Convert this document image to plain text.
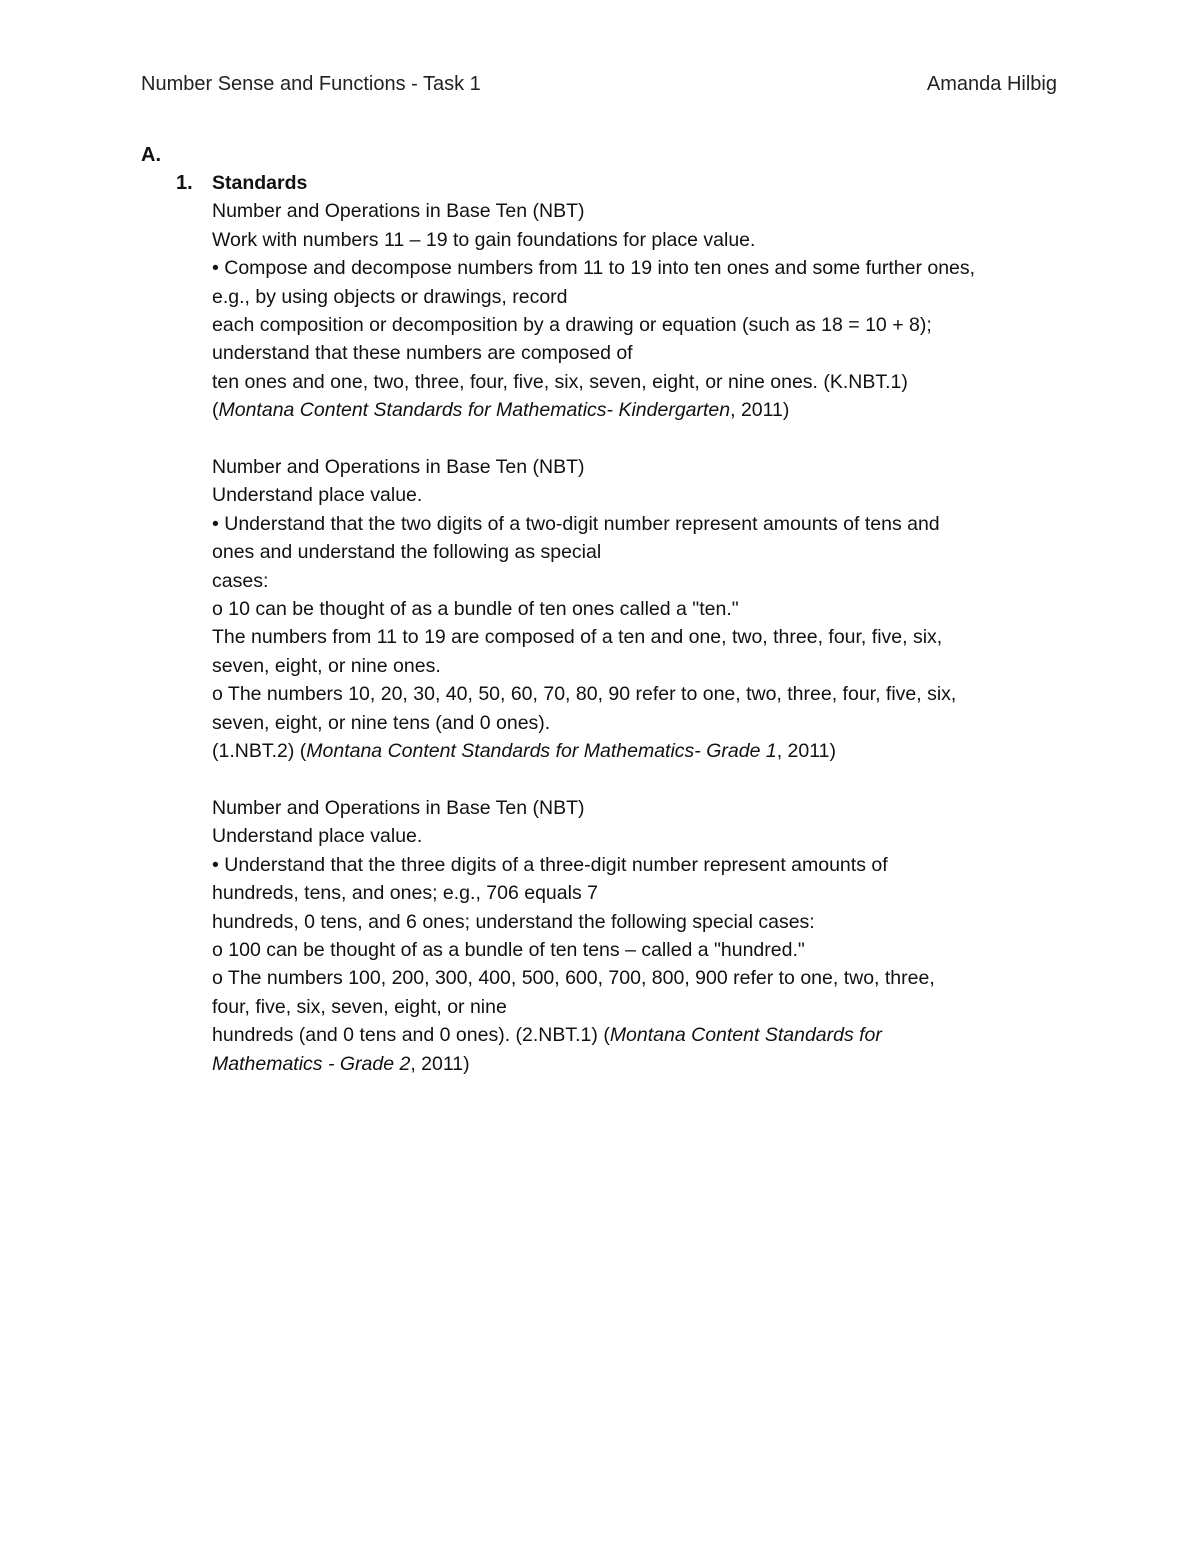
Number Sense and Functions - Task 1	Amanda Hilbig
A.
1. Standards
Number and Operations in Base Ten (NBT)
Work with numbers 11 – 19 to gain foundations for place value.
• Compose and decompose numbers from 11 to 19 into ten ones and some further ones,
e.g., by using objects or drawings, record
each composition or decomposition by a drawing or equation (such as 18 = 10 + 8);
understand that these numbers are composed of
ten ones and one, two, three, four, five, six, seven, eight, or nine ones. (K.NBT.1)
(Montana Content Standards for Mathematics- Kindergarten, 2011)
Number and Operations in Base Ten (NBT)
Understand place value.
• Understand that the two digits of a two-digit number represent amounts of tens and
ones and understand the following as special
cases:
o 10 can be thought of as a bundle of ten ones called a "ten."
The numbers from 11 to 19 are composed of a ten and one, two, three, four, five, six,
seven, eight, or nine ones.
o The numbers 10, 20, 30, 40, 50, 60, 70, 80, 90 refer to one, two, three, four, five, six,
seven, eight, or nine tens (and 0 ones).
(1.NBT.2) (Montana Content Standards for Mathematics- Grade 1, 2011)
Number and Operations in Base Ten (NBT)
Understand place value.
• Understand that the three digits of a three-digit number represent amounts of
hundreds, tens, and ones; e.g., 706 equals 7
hundreds, 0 tens, and 6 ones; understand the following special cases:
o 100 can be thought of as a bundle of ten tens – called a "hundred."
o The numbers 100, 200, 300, 400, 500, 600, 700, 800, 900 refer to one, two, three,
four, five, six, seven, eight, or nine
hundreds (and 0 tens and 0 ones). (2.NBT.1) (Montana Content Standards for
Mathematics - Grade 2, 2011)
